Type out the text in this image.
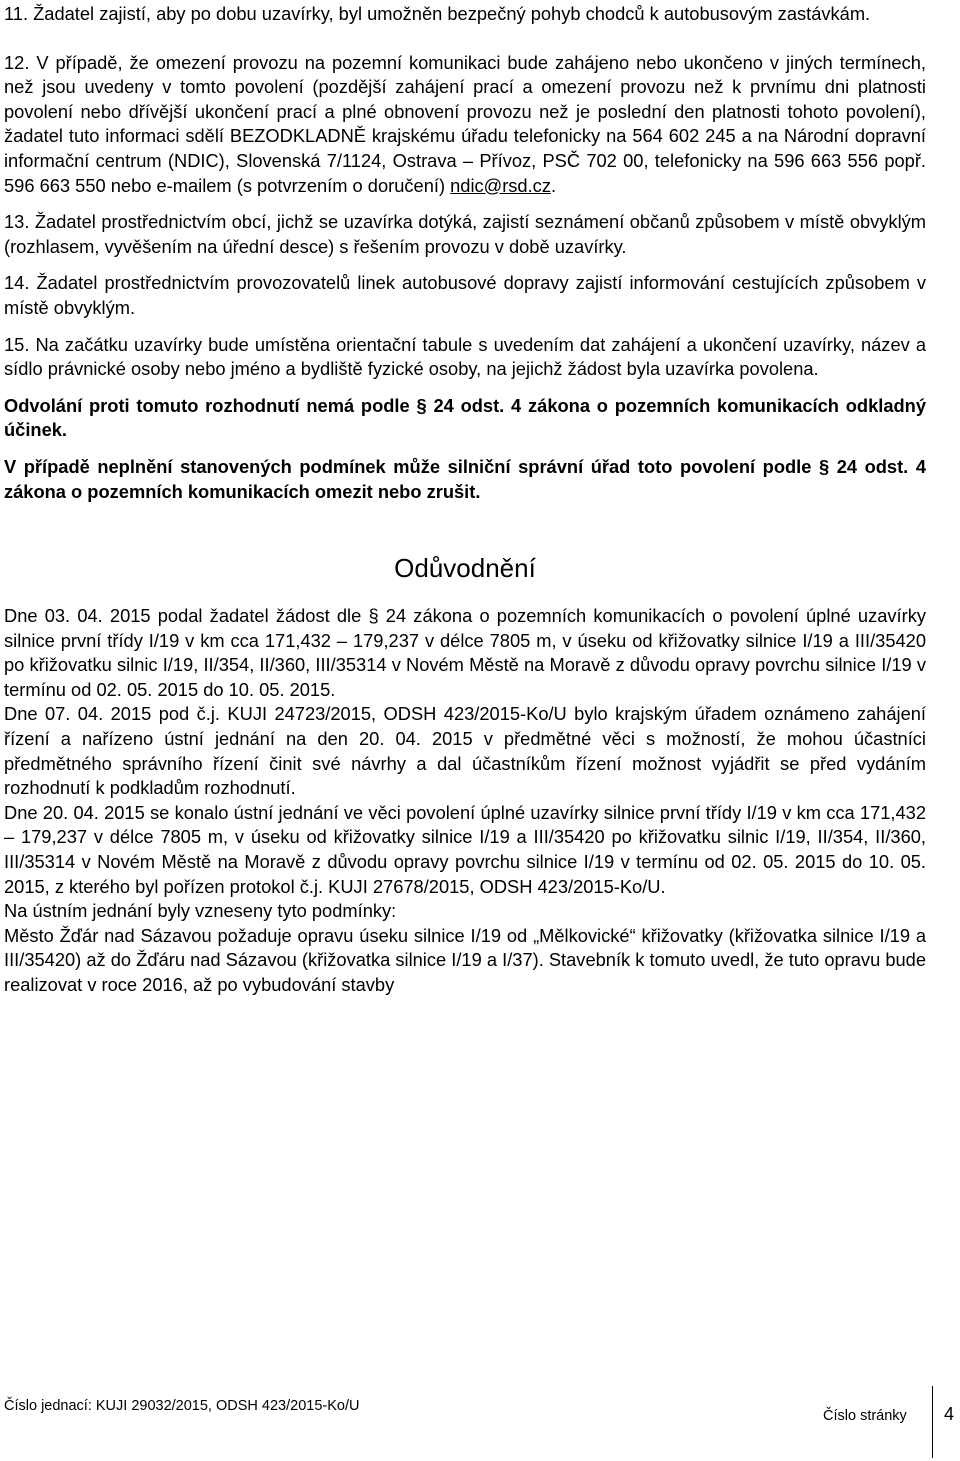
11. Žadatel zajistí, aby po dobu uzavírky, byl umožněn bezpečný pohyb chodců k autobusovým zastávkám.

12. V případě, že omezení provozu na pozemní komunikaci bude zahájeno nebo ukončeno v jiných termínech, než jsou uvedeny v tomto povolení (pozdější zahájení prací a omezení provozu než k prvnímu dni platnosti povolení nebo dřívější ukončení prací a plné obnovení provozu než je poslední den platnosti tohoto povolení), žadatel tuto informaci sdělí BEZODKLADNĚ krajskému úřadu telefonicky na 564 602 245 a na Národní dopravní informační centrum (NDIC), Slovenská 7/1124, Ostrava – Přívoz, PSČ 702 00, telefonicky na 596 663 556 popř. 596 663 550 nebo e-mailem (s potvrzením o doručení) ndic@rsd.cz.

13. Žadatel prostřednictvím obcí, jichž se uzavírka dotýká, zajistí seznámení občanů způsobem v místě obvyklým (rozhlasem, vyvěšením na úřední desce) s řešením provozu v době uzavírky.

14. Žadatel prostřednictvím provozovatelů linek autobusové dopravy zajistí informování cestujících způsobem v místě obvyklým.

15. Na začátku uzavírky bude umístěna orientační tabule s uvedením dat zahájení a ukončení uzavírky, název a sídlo právnické osoby nebo jméno a bydliště fyzické osoby, na jejichž žádost byla uzavírka povolena.

Odvolání proti tomuto rozhodnutí nemá podle § 24 odst. 4 zákona o pozemních komunikacích odkladný účinek.

V případě neplnění stanovených podmínek může silniční správní úřad toto povolení podle § 24 odst. 4 zákona o pozemních komunikacích omezit nebo zrušit.

Odůvodnění

Dne 03. 04. 2015 podal žadatel žádost dle § 24 zákona o pozemních komunikacích o povolení úplné uzavírky silnice první třídy I/19 v km cca 171,432 – 179,237 v délce 7805 m, v úseku od křižovatky silnice I/19 a III/35420 po křižovatku silnic I/19, II/354, II/360, III/35314 v Novém Městě na Moravě z důvodu opravy povrchu silnice I/19 v termínu od 02. 05. 2015 do 10. 05. 2015.

Dne 07. 04. 2015 pod č.j. KUJI 24723/2015, ODSH 423/2015-Ko/U bylo krajským úřadem oznámeno zahájení řízení a nařízeno ústní jednání na den 20. 04. 2015 v předmětné věci s možností, že mohou účastníci předmětného správního řízení činit své návrhy a dal účastníkům řízení možnost vyjádřit se před vydáním rozhodnutí k podkladům rozhodnutí.

Dne 20. 04. 2015 se konalo ústní jednání ve věci povolení úplné uzavírky silnice první třídy I/19 v km cca 171,432 – 179,237 v délce 7805 m, v úseku od křižovatky silnice I/19 a III/35420 po křižovatku silnic I/19, II/354, II/360, III/35314 v Novém Městě na Moravě z důvodu opravy povrchu silnice I/19 v termínu od 02. 05. 2015 do 10. 05. 2015, z kterého byl pořízen protokol č.j. KUJI 27678/2015, ODSH 423/2015-Ko/U.

Na ústním jednání byly vzneseny tyto podmínky:

Město Žďár nad Sázavou požaduje opravu úseku silnice I/19 od „Mělkovické“ křižovatky (křižovatka silnice I/19 a III/35420) až do Žďáru nad Sázavou (křižovatka silnice I/19 a I/37). Stavebník k tomuto uvedl, že tuto opravu bude realizovat v roce 2016, až po vybudování stavby

Číslo jednací: KUJI 29032/2015, ODSH 423/2015-Ko/U
Číslo stránky 4
